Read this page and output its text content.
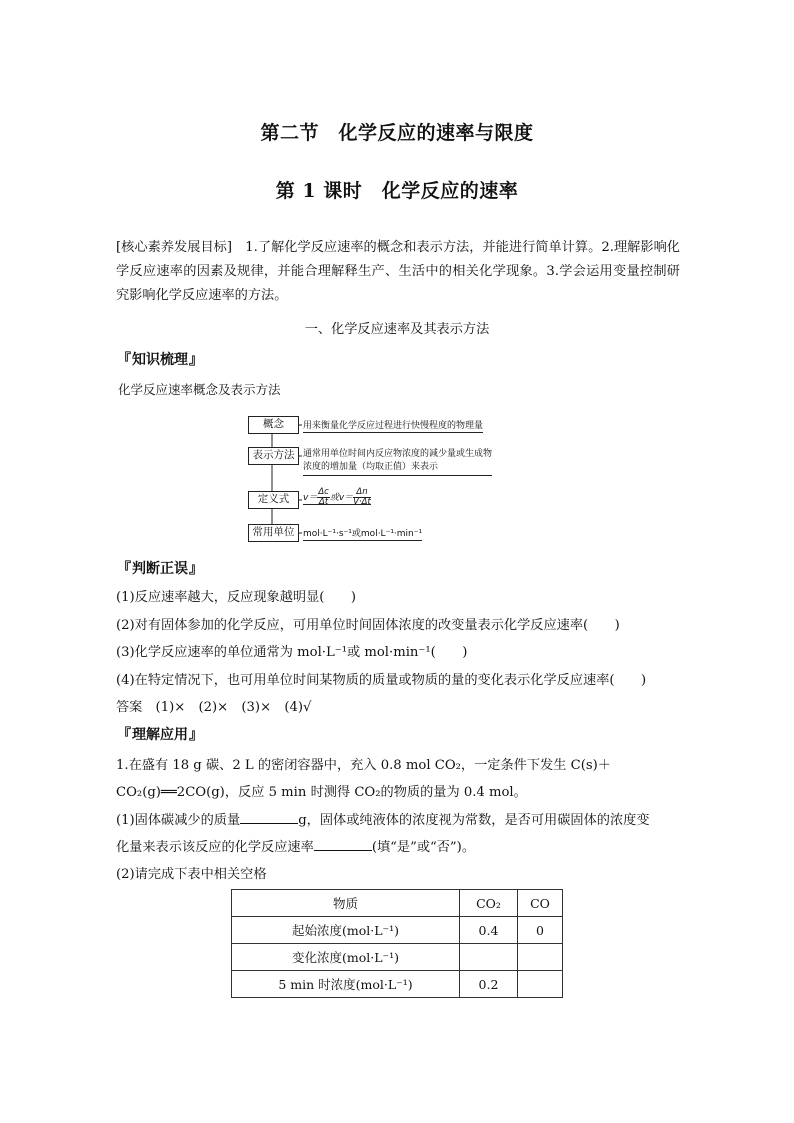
第二节　化学反应的速率与限度
第 1 课时　化学反应的速率
[核心素养发展目标]　1.了解化学反应速率的概念和表示方法，并能进行简单计算。2.理解影响化学反应速率的因素及规律，并能合理解释生产、生活中的相关化学现象。3.学会运用变量控制研究影响化学反应速率的方法。
一、化学反应速率及其表示方法
『知识梳理』
化学反应速率概念及表示方法
概念	用来衡量化学反应过程进行快慢程度的物理量
表示方法 通常用单位时间内反应物浓度的减少量或生成物
浓度的增加量（均取正值）来表示
定义式	$v= \frac{\Delta c}{\Delta t}$ 或$v= \frac{\Delta n}{V\cdot\Delta t}$
常用单位 mol·L⁻¹·s⁻¹或mol·L⁻¹·min⁻¹
『判断正误』
(1)反应速率越大，反应现象越明显(　　)
(2)对有固体参加的化学反应，可用单位时间固体浓度的改变量表示化学反应速率(　　)
(3)化学反应速率的单位通常为 mol·L⁻¹或 mol·min⁻¹(　　)
(4)在特定情况下，也可用单位时间某物质的质量或物质的量的变化表示化学反应速率(　　)
答案　(1)×　(2)×　(3)×　(4)√
『理解应用』
1.在盛有 18 g 碳、2 L 的密闭容器中，充入 0.8 mol CO₂，一定条件下发生 C(s)＋
CO₂(g)══2CO(g)，反应 5 min 时测得 CO₂的物质的量为 0.4 mol。
(1)固体碳减少的质量	g，固体或纯液体的浓度视为常数，是否可用碳固体的浓度变
化量来表示该反应的化学反应速率	(填“是”或“否”)。
(2)请完成下表中相关空格
物质	CO₂	CO
起始浓度(mol·L⁻¹)	0.4	0
变化浓度(mol·L⁻¹)		
5 min 时浓度(mol·L⁻¹)	0.2	
